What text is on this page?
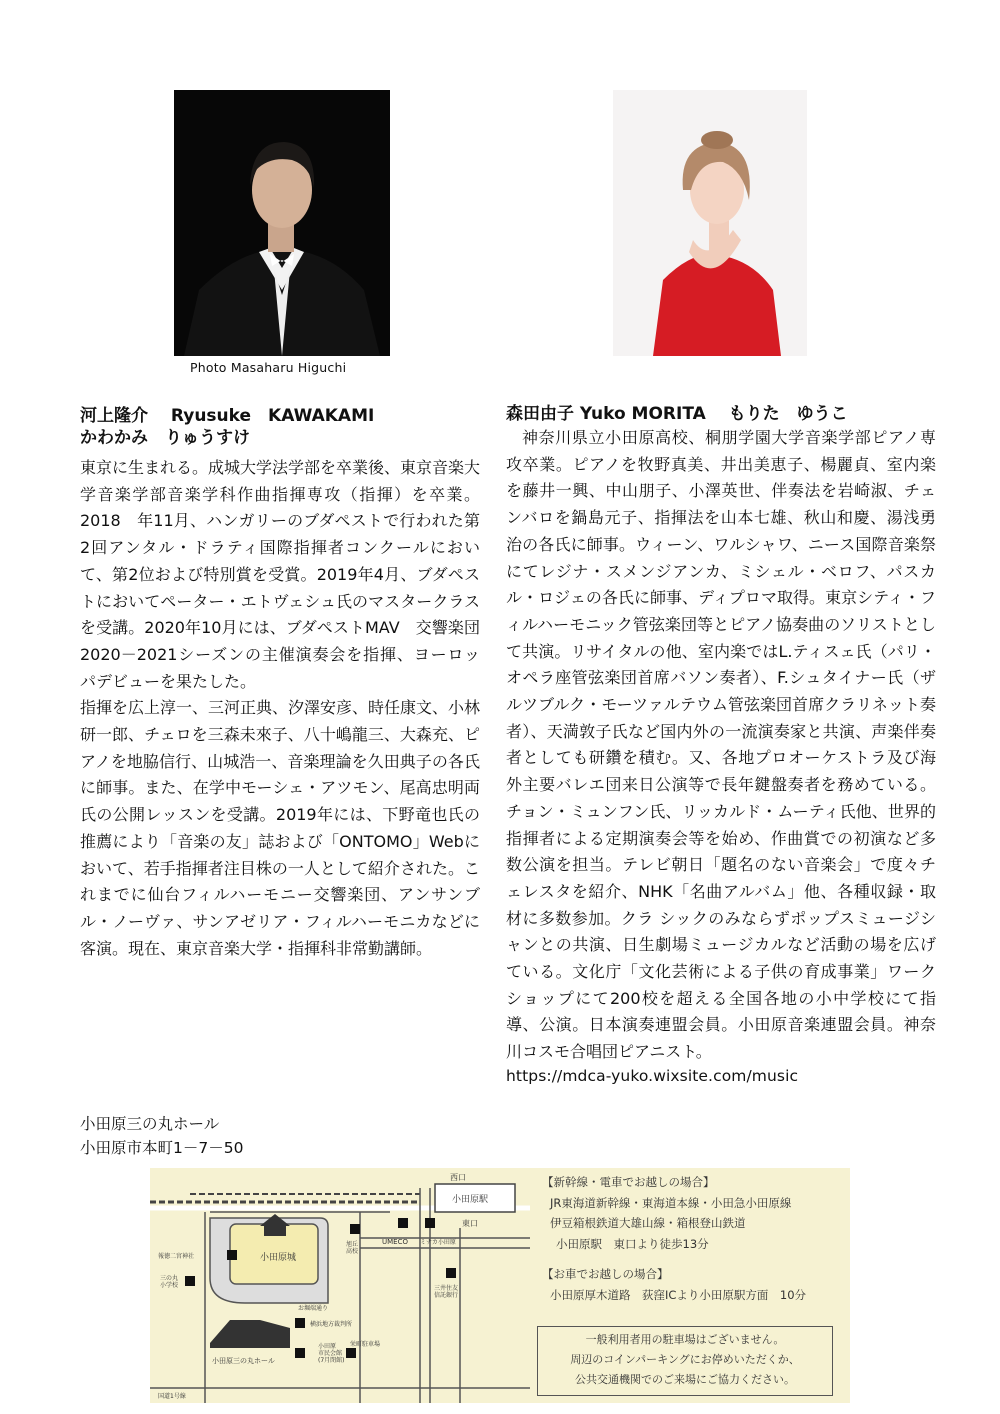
Photo Masaharu Higuchi
河上隆介　 Ryusuke　KAWAKAMI
かわかみ　りゅうすけ
東京に生まれる。成城大学法学部を卒業後、東京音楽大学音楽学部音楽学科作曲指揮専攻（指揮）を卒業。2018　年11月、ハンガリーのブダペストで行われた第2回アンタル・ドラティ国際指揮者コンクールにおいて、第2位および特別賞を受賞。2019年4月、ブダペストにおいてペーター・エトヴェシュ氏のマスタークラスを受講。2020年10月には、ブダペストMAV　交響楽団2020－2021シーズンの主催演奏会を指揮、ヨーロッパデビューを果たした。
指揮を広上淳一、三河正典、汐澤安彦、時任康文、小林研一郎、チェロを三森未來子、八十嶋龍三、大森充、ピアノを地脇信行、山城浩一、音楽理論を久田典子の各氏に師事。また、在学中モーシェ・アツモン、尾高忠明両氏の公開レッスンを受講。2019年には、下野竜也氏の推薦により「音楽の友」誌および「ONTOMO」Webにおいて、若手指揮者注目株の一人として紹介された。これまでに仙台フィルハーモニー交響楽団、アンサンブル・ノーヴァ、サンアゼリア・フィルハーモニカなどに客演。現在、東京音楽大学・指揮科非常勤講師。
森田由子 Yuko MORITA　 もりた　ゆうこ
神奈川県立小田原高校、桐朋学園大学音楽学部ピアノ専攻卒業。ピアノを牧野真美、井出美恵子、楊麗貞、室内楽を藤井一興、中山朋子、小澤英世、伴奏法を岩崎淑、チェンバロを鍋島元子、指揮法を山本七雄、秋山和慶、湯浅勇治の各氏に師事。ウィーン、ワルシャワ、ニース国際音楽祭にてレジナ・スメンジアンカ、ミシェル・ベロフ、パスカル・ロジェの各氏に師事、ディプロマ取得。東京シティ・フィルハーモニック管弦楽団等とピアノ協奏曲のソリストとして共演。リサイタルの他、室内楽ではL.ティスェ氏（パリ・オペラ座管弦楽団首席バソン奏者）、F.シュタイナー氏（ザルツブルク・モーツァルテウム管弦楽団首席クラリネット奏者）、天満敦子氏など国内外の一流演奏家と共演、声楽伴奏者としても研鑽を積む。又、各地プロオーケストラ及び海外主要バレエ団来日公演等で長年鍵盤奏者を務めている。チョン・ミュンフン氏、リッカルド・ムーティ氏他、世界的指揮者による定期演奏会等を始め、作曲賞での初演など多数公演を担当。テレビ朝日「題名のない音楽会」で度々チェレスタを紹介、NHK「名曲アルバム」他、各種収録・取材に多数参加。クラ シックのみならずポップスミュージシャンとの共演、日生劇場ミュージカルなど活動の場を広げている。文化庁「文化芸術による子供の育成事業」ワークショップにて200校を超える全国各地の小中学校にて指導、公演。日本演奏連盟会員。小田原音楽連盟会員。神奈川コスモ合唱団ピアニスト。
https://mdca-yuko.wixsite.com/music
小田原三の丸ホール
小田原市本町1－7－50
西口
小田原駅
東口
小田原城
報徳二宮神社
三の丸小学校
旭丘高校
UMECO ミナカ小田原
三井住友信託銀行
お堀端通り
横浜地方裁判所
小田原市民会館(7月閉館)
栄町駐車場
小田原三の丸ホール
国道1号線
【新幹線・電車でお越しの場合】
JR東海道新幹線・東海道本線・小田急小田原線
伊豆箱根鉄道大雄山線・箱根登山鉄道
小田原駅　東口より徒歩13分
【お車でお越しの場合】
小田原厚木道路　荻窪ICより小田原駅方面　10分
一般利用者用の駐車場はございません。
周辺のコインパーキングにお停めいただくか、
公共交通機関でのご来場にご協力ください。
